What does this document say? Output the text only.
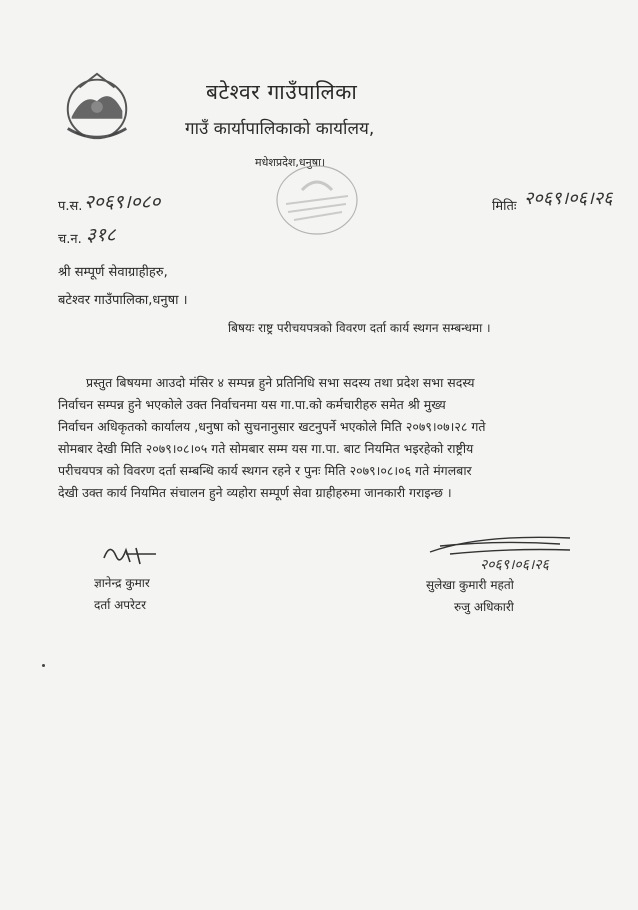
बटेश्वर गाउँपालिका
गाउँ कार्यापालिकाको कार्यालय,
मधेशप्रदेश,धनुषा।
प.स. २०६९।०८०
च.न. ३१८
मितिः २०६९।०६।२६
श्री सम्पूर्ण सेवाग्राहीहरु,
बटेश्वर गाउँपालिका,धनुषा ।
बिषयः राष्ट्र परीचयपत्रको विवरण दर्ता कार्य स्थगन सम्बन्धमा ।
प्रस्तुत बिषयमा आउदो मंसिर ४ सम्पन्न हुने प्रतिनिधि सभा सदस्य तथा प्रदेश सभा सदस्य
निर्वाचन सम्पन्न हुने भएकोले उक्त निर्वाचनमा यस गा.पा.को कर्मचारीहरु समेत श्री मुख्य
निर्वाचन अधिकृतको कार्यालय ,धनुषा को सुचनानुसार खटनुपर्ने भएकोले मिति २०७९।०७।२८ गते
सोमबार देखी मिति २०७९।०८।०५ गते सोमबार सम्म यस गा.पा. बाट नियमित भइरहेको राष्ट्रीय
परीचयपत्र को विवरण दर्ता सम्बन्धि कार्य स्थगन रहने र पुनः मिति २०७९।०८।०६ गते मंगलबार
देखी उक्त कार्य नियमित संचालन हुने व्यहोरा सम्पूर्ण सेवा ग्राहीहरुमा जानकारी गराइन्छ ।
ज्ञानेन्द्र कुमार
दर्ता अपरेटर
२०६९।०६।२६
सुलेखा कुमारी महतो
रुजु अधिकारी
